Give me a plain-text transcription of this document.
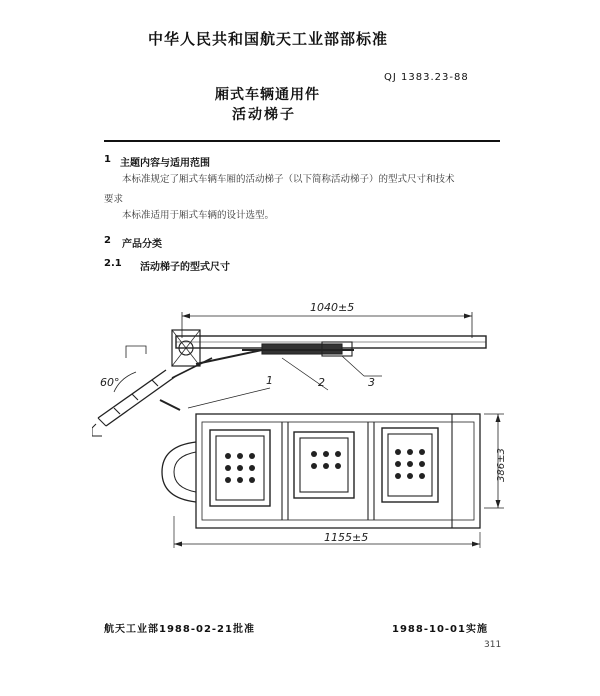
中华人民共和国航天工业部部标准
QJ 1383.23-88
厢式车辆通用件
活动梯子
1 主题内容与适用范围
本标准规定了厢式车辆车厢的活动梯子（以下简称活动梯子）的型式尺寸和技术
要求
本标准适用于厢式车辆的设计选型。
2 产品分类
2.1 活动梯子的型式尺寸
1040±5
60°	1	2	3
386±3
1155±5
航天工业部1988-02-21批准	1988-10-01实施
311
